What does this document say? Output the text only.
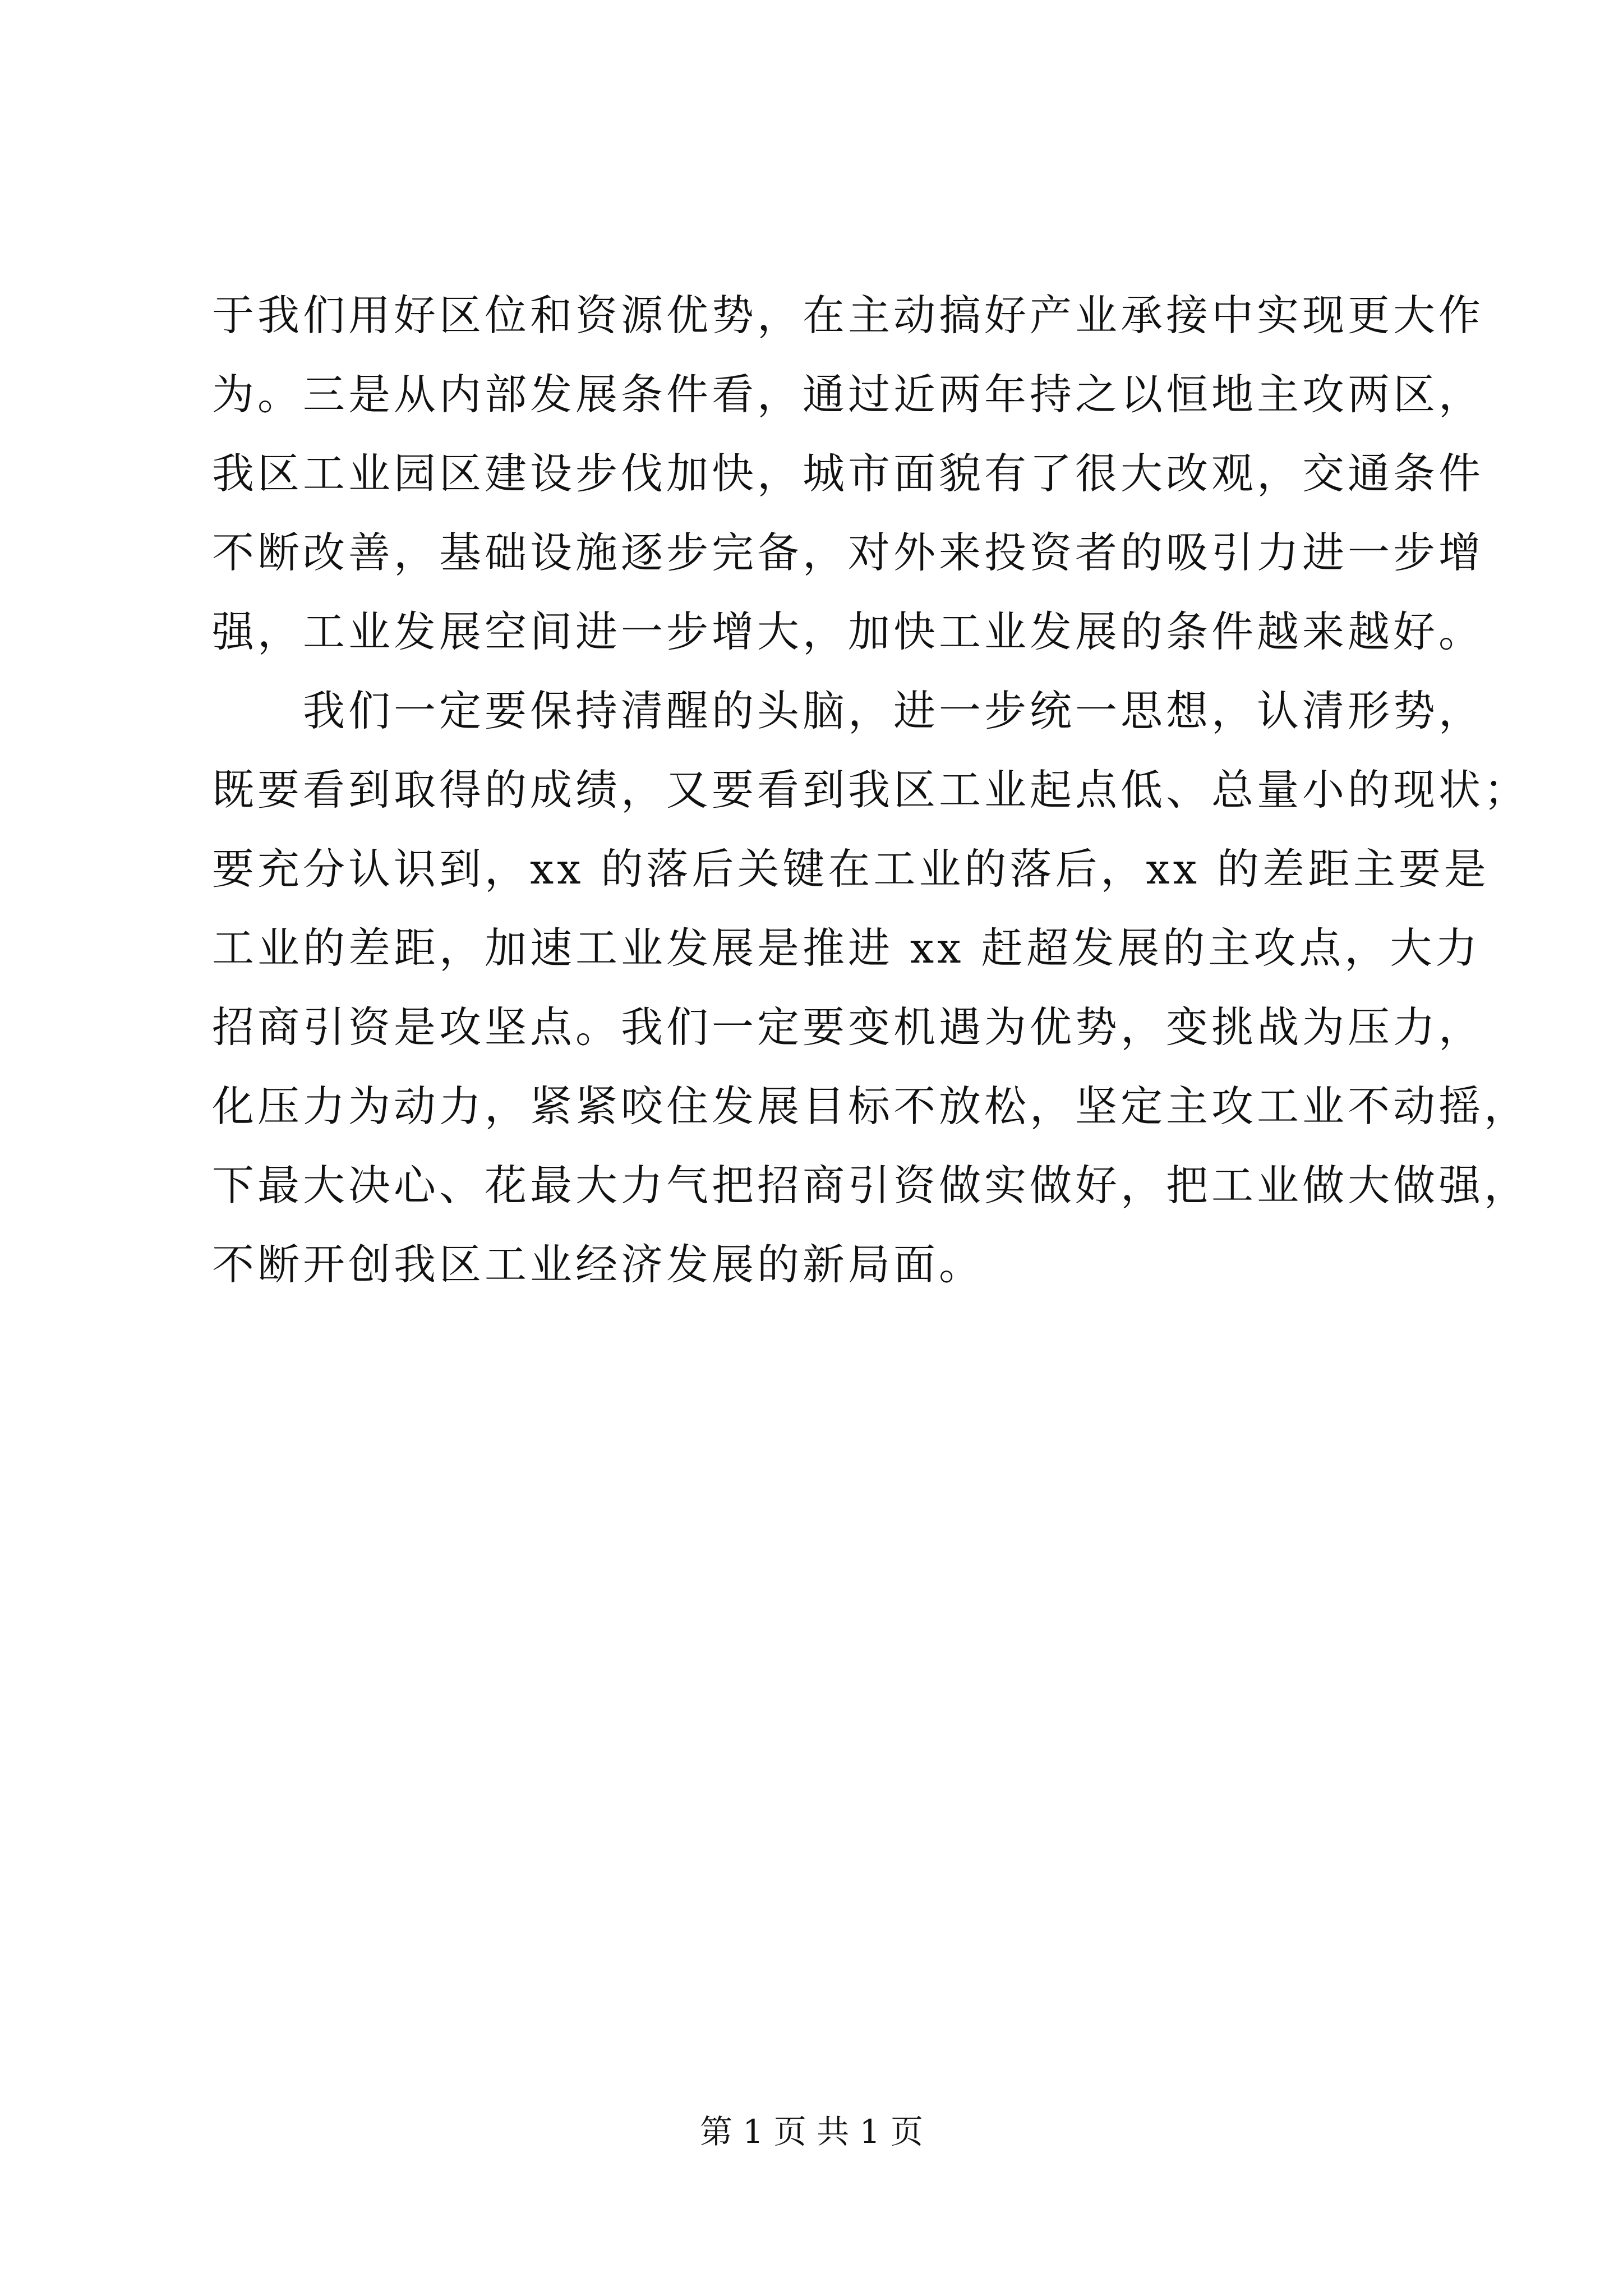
于我们用好区位和资源优势，在主动搞好产业承接中实现更大作
为。三是从内部发展条件看，通过近两年持之以恒地主攻两区，
我区工业园区建设步伐加快，城市面貌有了很大改观，交通条件
不断改善，基础设施逐步完备，对外来投资者的吸引力进一步增
强，工业发展空间进一步增大，加快工业发展的条件越来越好。
　　我们一定要保持清醒的头脑，进一步统一思想，认清形势，
既要看到取得的成绩，又要看到我区工业起点低、总量小的现状；
要充分认识到，xx 的落后关键在工业的落后，xx 的差距主要是
工业的差距，加速工业发展是推进 xx 赶超发展的主攻点，大力
招商引资是攻坚点。我们一定要变机遇为优势，变挑战为压力，
化压力为动力，紧紧咬住发展目标不放松，坚定主攻工业不动摇，
下最大决心、花最大力气把招商引资做实做好，把工业做大做强，
不断开创我区工业经济发展的新局面。
第 1 页 共 1 页
